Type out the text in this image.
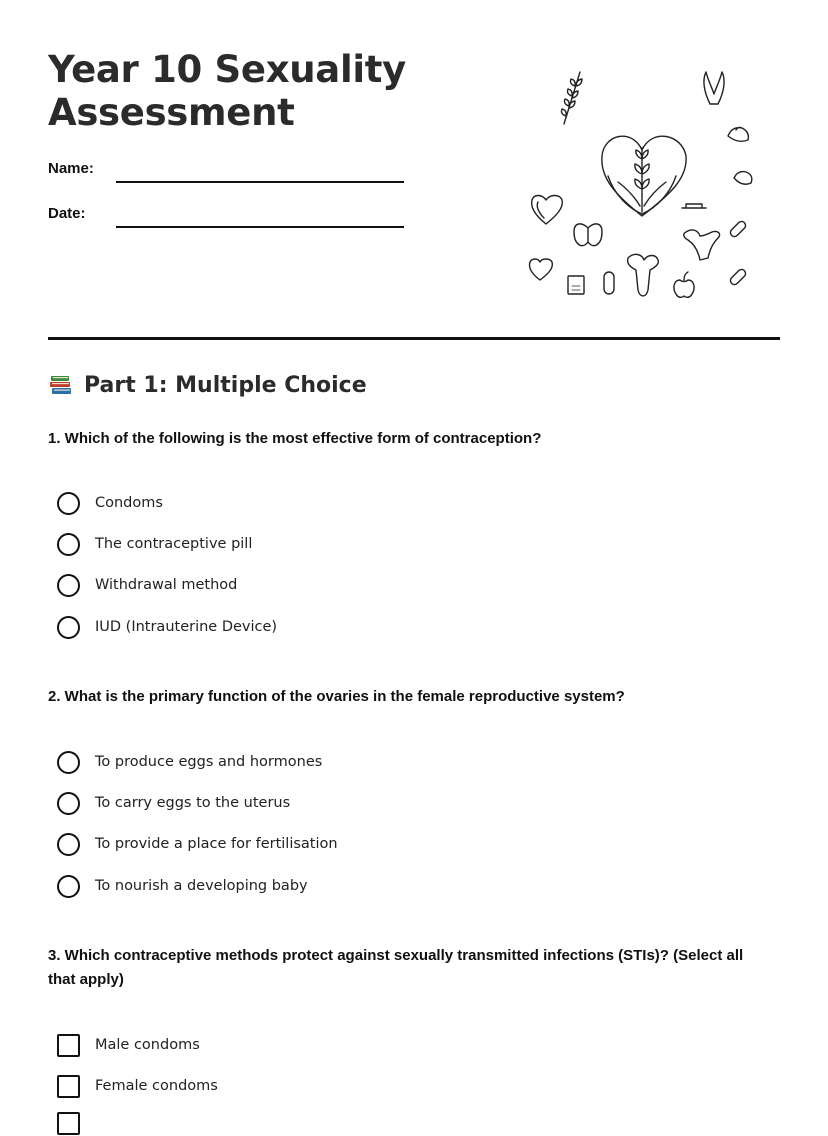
Year 10 Sexuality
Assessment
Name:
Date:
Part 1: Multiple Choice
1. Which of the following is the most effective form of contraception?
Condoms
The contraceptive pill
Withdrawal method
IUD (Intrauterine Device)
2. What is the primary function of the ovaries in the female reproductive system?
To produce eggs and hormones
To carry eggs to the uterus
To provide a place for fertilisation
To nourish a developing baby
3. Which contraceptive methods protect against sexually transmitted infections (STIs)? (Select all that apply)
Male condoms
Female condoms
